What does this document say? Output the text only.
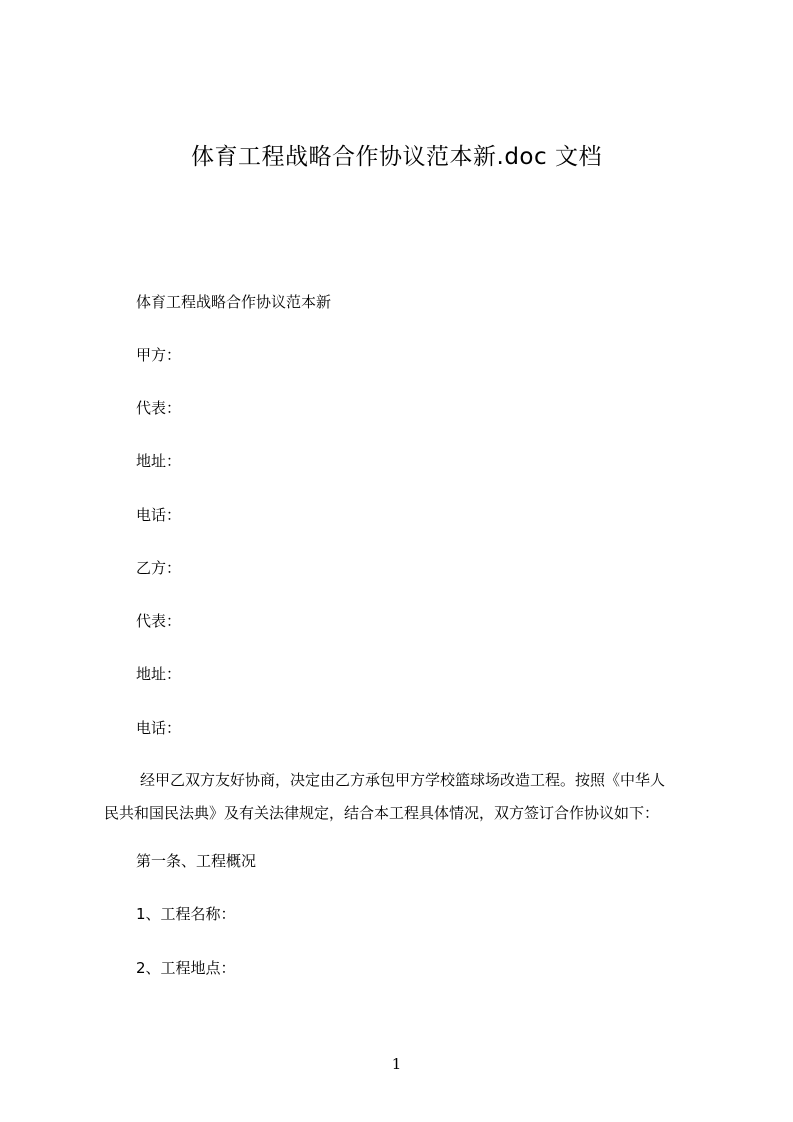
体育工程战略合作协议范本新.doc 文档
体育工程战略合作协议范本新
甲方：
代表：
地址：
电话：
乙方：
代表：
地址：
电话：
经甲乙双方友好协商，决定由乙方承包甲方学校篮球场改造工程。按照《中华人
民共和国民法典》及有关法律规定，结合本工程具体情况，双方签订合作协议如下：
第一条、工程概况
1、工程名称：
2、工程地点：
1
